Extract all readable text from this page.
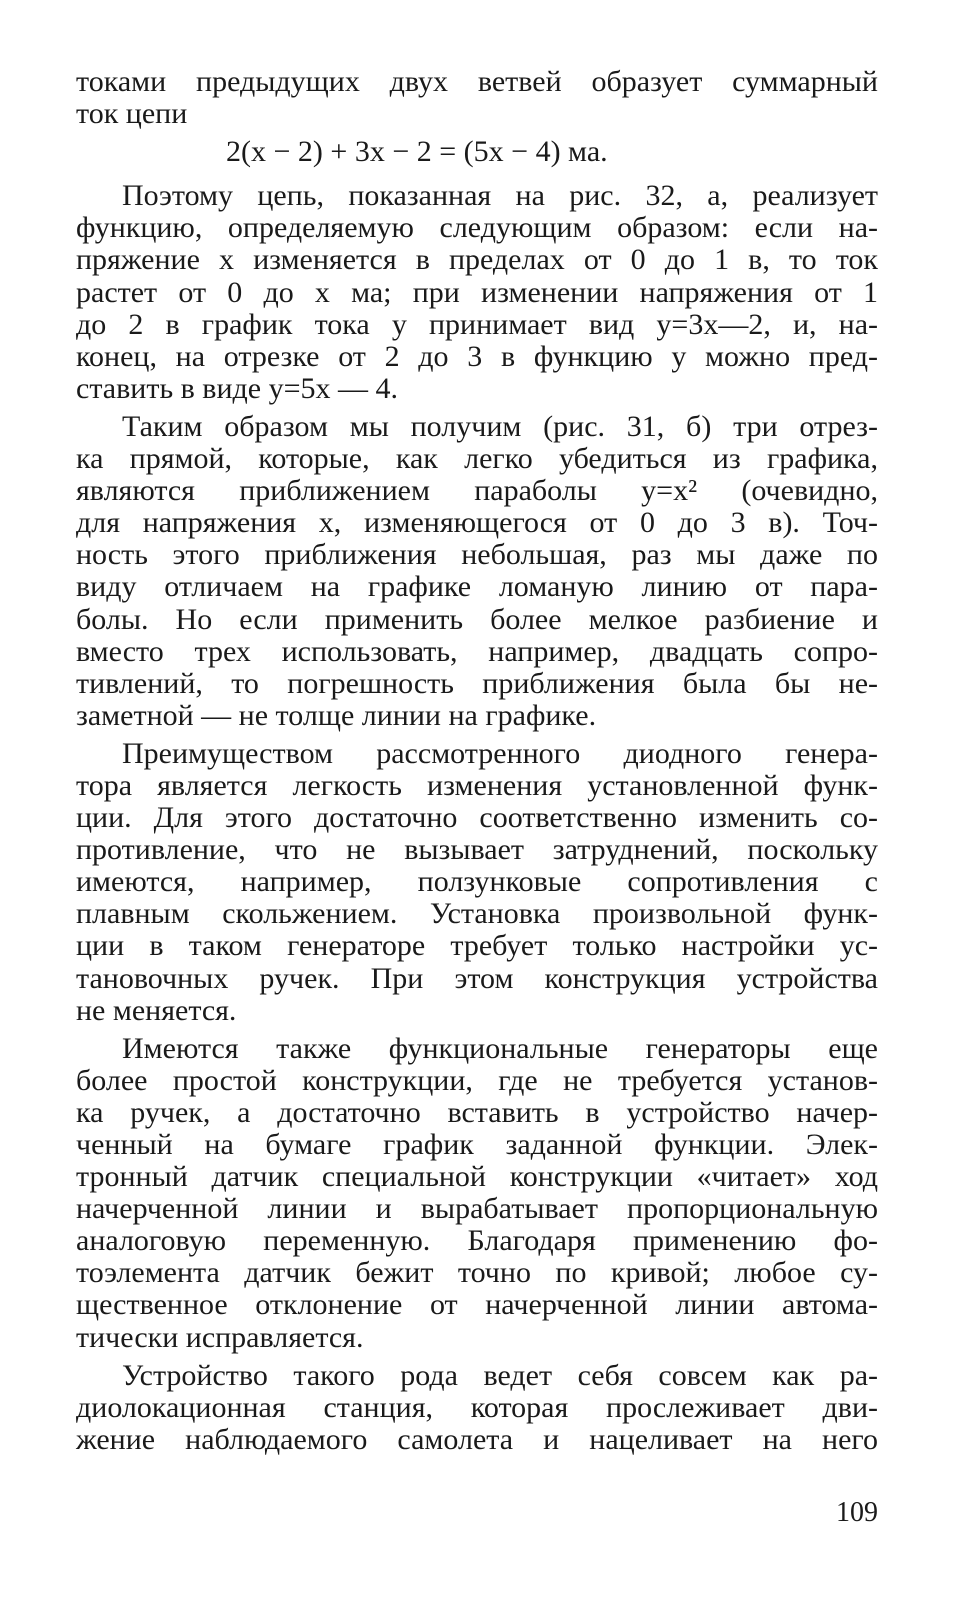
токами предыдущих двух ветвей образует суммарный
ток цепи
2(x − 2) + 3x − 2 = (5x − 4) ма.
Поэтому цепь, показанная на рис. 32, а, реализует
функцию, определяемую следующим образом: если на-
пряжение x изменяется в пределах от 0 до 1 в, то ток
растет от 0 до x ма; при изменении напряжения от 1
до 2 в график тока y принимает вид y=3x—2, и, на-
конец, на отрезке от 2 до 3 в функцию y можно пред-
ставить в виде y=5x — 4.
Таким образом мы получим (рис. 31, б) три отрез-
ка прямой, которые, как легко убедиться из графика,
являются приближением параболы y=x² (очевидно,
для напряжения x, изменяющегося от 0 до 3 в). Точ-
ность этого приближения небольшая, раз мы даже по
виду отличаем на графике ломаную линию от пара-
болы. Но если применить более мелкое разбиение и
вместо трех использовать, например, двадцать сопро-
тивлений, то погрешность приближения была бы не-
заметной — не толще линии на графике.
Преимуществом рассмотренного диодного генера-
тора является легкость изменения установленной функ-
ции. Для этого достаточно соответственно изменить со-
противление, что не вызывает затруднений, поскольку
имеются, например, ползунковые сопротивления с
плавным скольжением. Установка произвольной функ-
ции в таком генераторе требует только настройки ус-
тановочных ручек. При этом конструкция устройства
не меняется.
Имеются также функциональные генераторы еще
более простой конструкции, где не требуется установ-
ка ручек, а достаточно вставить в устройство начер-
ченный на бумаге график заданной функции. Элек-
тронный датчик специальной конструкции «читает» ход
начерченной линии и вырабатывает пропорциональную
аналоговую переменную. Благодаря применению фо-
тоэлемента датчик бежит точно по кривой; любое су-
щественное отклонение от начерченной линии автома-
тически исправляется.
Устройство такого рода ведет себя совсем как ра-
диолокационная станция, которая прослеживает дви-
жение наблюдаемого самолета и нацеливает на него
109
